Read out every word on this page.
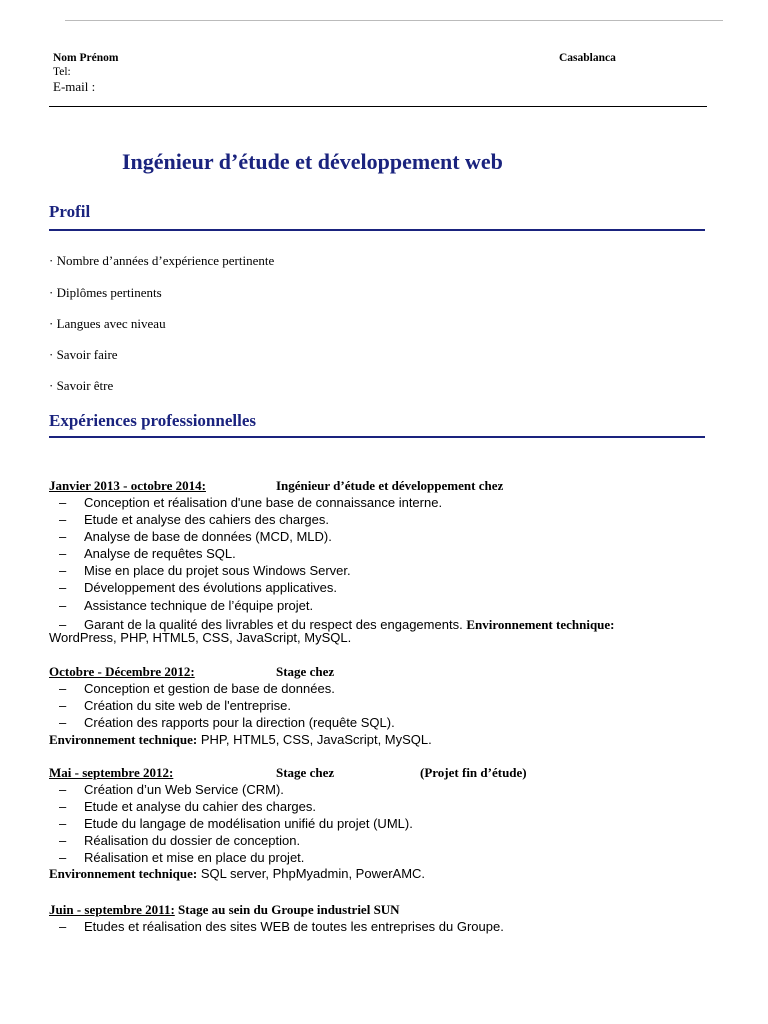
Nom Prénom
Tel:
E-mail :
Casablanca
Ingénieur d’étude et développement web
Profil
· Nombre d’années d’expérience pertinente
· Diplômes pertinents
· Langues avec niveau
· Savoir faire
· Savoir être
Expériences professionnelles
Janvier 2013 - octobre 2014:	Ingénieur d’étude et développement chez
– Conception et réalisation d'une base de connaissance interne.
– Etude et analyse des cahiers des charges.
– Analyse de base de données (MCD, MLD).
– Analyse de requêtes SQL.
– Mise en place du projet sous Windows Server.
– Développement des évolutions applicatives.
– Assistance technique de l’équipe projet.
– Garant de la qualité des livrables et du respect des engagements. Environnement technique:
WordPress, PHP, HTML5, CSS, JavaScript, MySQL.
Octobre - Décembre 2012:	Stage chez
– Conception et gestion de base de données.
– Création du site web de l'entreprise.
– Création des rapports pour la direction (requête SQL).
Environnement technique: PHP, HTML5, CSS, JavaScript, MySQL.
Mai - septembre 2012:	Stage chez	(Projet fin d’étude)
– Création d’un Web Service (CRM).
– Etude et analyse du cahier des charges.
– Etude du langage de modélisation unifié du projet (UML).
– Réalisation du dossier de conception.
– Réalisation et mise en place du projet.
Environnement technique: SQL server, PhpMyadmin, PowerAMC.
Juin - septembre 2011: Stage au sein du Groupe industriel SUN
– Etudes et réalisation des sites WEB de toutes les entreprises du Groupe.
